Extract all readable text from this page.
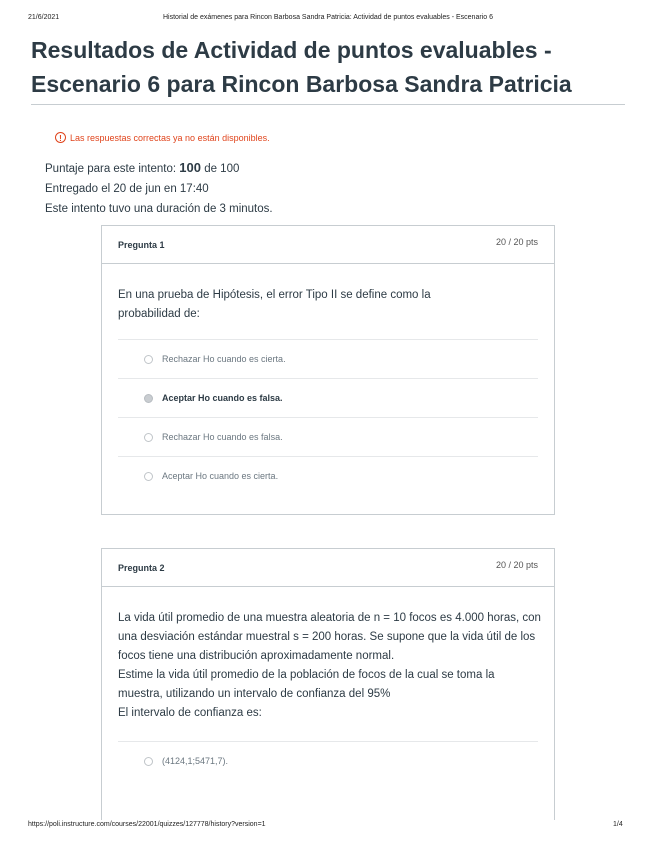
21/6/2021	Historial de exámenes para Rincon Barbosa Sandra Patricia: Actividad de puntos evaluables - Escenario 6
Resultados de Actividad de puntos evaluables - Escenario 6 para Rincon Barbosa Sandra Patricia
! Las respuestas correctas ya no están disponibles.
Puntaje para este intento: 100 de 100
Entregado el 20 de jun en 17:40
Este intento tuvo una duración de 3 minutos.
Pregunta 1	20 / 20 pts
En una prueba de Hipótesis, el error Tipo II se define como la probabilidad de:
Rechazar Ho cuando es cierta.
Aceptar Ho cuando es falsa.
Rechazar Ho cuando es falsa.
Aceptar Ho cuando es cierta.
Pregunta 2	20 / 20 pts
La vida útil promedio de una muestra aleatoria de n = 10 focos es 4.000 horas, con una desviación estándar muestral s = 200 horas. Se supone que la vida útil de los focos tiene una distribución aproximadamente normal.
Estime la vida útil promedio de la población de focos de la cual se toma la muestra, utilizando un intervalo de confianza del 95%
El intervalo de confianza es:
(4124,1;5471,7).
https://poli.instructure.com/courses/22001/quizzes/127778/history?version=1	1/4
